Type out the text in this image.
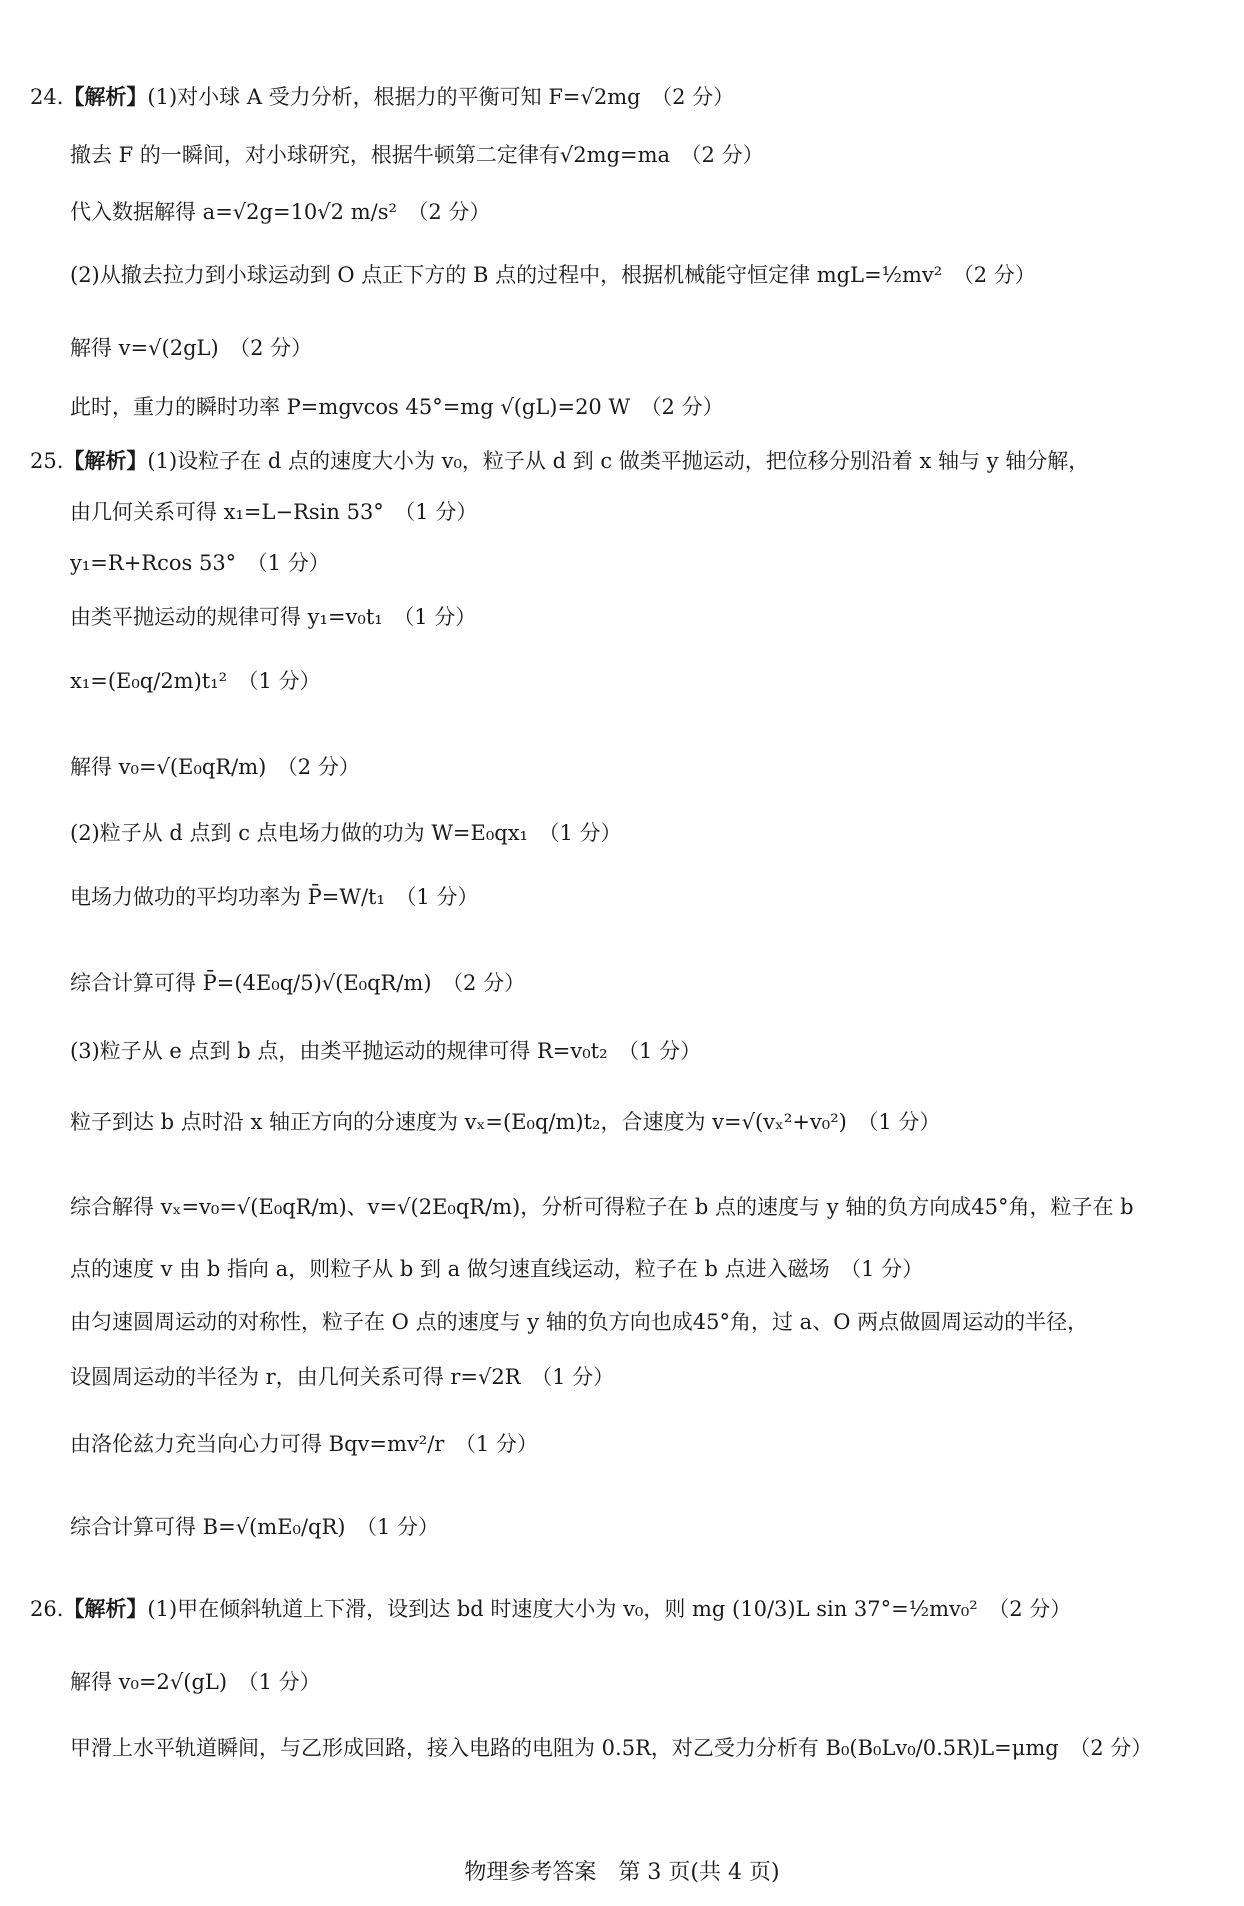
24.【解析】(1)对小球 A 受力分析，根据力的平衡可知 F=√2mg　（2 分）
撤去 F 的一瞬间，对小球研究，根据牛顿第二定律有√2mg=ma　（2 分）
代入数据解得 a=√2g=10√2 m/s²　（2 分）
(2)从撤去拉力到小球运动到 O 点正下方的 B 点的过程中，根据机械能守恒定律 mgL=½mv²　（2 分）
解得 v=√(2gL)　（2 分）
此时，重力的瞬时功率 P=mgvcos 45°=mg √(gL)=20 W　（2 分）
25.【解析】(1)设粒子在 d 点的速度大小为 v₀，粒子从 d 到 c 做类平抛运动，把位移分别沿着 x 轴与 y 轴分解，
由几何关系可得 x₁=L−Rsin 53°　（1 分）
y₁=R+Rcos 53°　（1 分）
由类平抛运动的规律可得 y₁=v₀t₁　（1 分）
x₁=(E₀q/2m)t₁²　（1 分）
解得 v₀=√(E₀qR/m)　（2 分）
(2)粒子从 d 点到 c 点电场力做的功为 W=E₀qx₁　（1 分）
电场力做功的平均功率为 P̄=W/t₁　（1 分）
综合计算可得 P̄=(4E₀q/5)√(E₀qR/m)　（2 分）
(3)粒子从 e 点到 b 点，由类平抛运动的规律可得 R=v₀t₂　（1 分）
粒子到达 b 点时沿 x 轴正方向的分速度为 vₓ=(E₀q/m)t₂，合速度为 v=√(vₓ²+v₀²)　（1 分）
综合解得 vₓ=v₀=√(E₀qR/m)、v=√(2E₀qR/m)，分析可得粒子在 b 点的速度与 y 轴的负方向成45°角，粒子在 b
点的速度 v 由 b 指向 a，则粒子从 b 到 a 做匀速直线运动，粒子在 b 点进入磁场　（1 分）
由匀速圆周运动的对称性，粒子在 O 点的速度与 y 轴的负方向也成45°角，过 a、O 两点做圆周运动的半径，
设圆周运动的半径为 r，由几何关系可得 r=√2R　（1 分）
由洛伦兹力充当向心力可得 Bqv=mv²/r　（1 分）
综合计算可得 B=√(mE₀/qR)　（1 分）
26.【解析】(1)甲在倾斜轨道上下滑，设到达 bd 时速度大小为 v₀，则 mg (10/3)L sin 37°=½mv₀²　（2 分）
解得 v₀=2√(gL)　（1 分）
甲滑上水平轨道瞬间，与乙形成回路，接入电路的电阻为 0.5R，对乙受力分析有 B₀(B₀Lv₀/0.5R)L=μmg　（2 分）
物理参考答案　第 3 页(共 4 页)
